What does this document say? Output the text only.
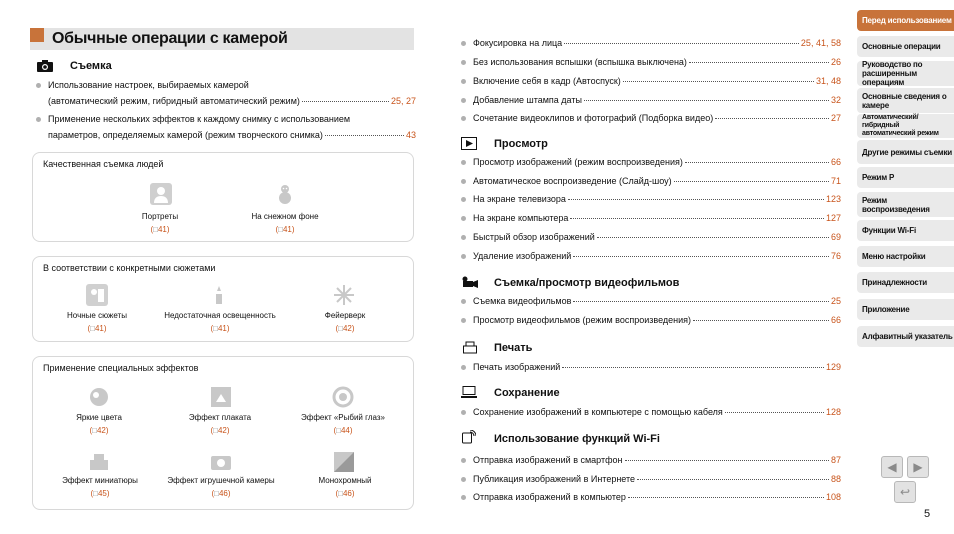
Обычные операции с камерой
Съемка
Использование настроек, выбираемых камерой
(автоматический режим, гибридный автоматический режим)	25, 27
Применение нескольких эффектов к каждому снимку с использованием
параметров, определяемых камерой (режим творческого снимка)	43
Качественная съемка людей
Портреты
(□41)
На снежном фоне
(□41)
В соответствии с конкретными сюжетами
Ночные сюжеты
(□41)
Недостаточная освещенность
(□41)
Фейерверк
(□42)
Применение специальных эффектов
Яркие цвета
(□42)
Эффект плаката
(□42)
Эффект «Рыбий глаз»
(□44)
Эффект миниатюры
(□45)
Эффект игрушечной камеры
(□46)
Монохромный
(□46)
Фокусировка на лица	25, 41, 58
Без использования вспышки (вспышка выключена)	26
Включение себя в кадр (Автоспуск)	31, 48
Добавление штампа даты	32
Сочетание видеоклипов и фотографий (Подборка видео)	27
Просмотр
Просмотр изображений (режим воспроизведения)	66
Автоматическое воспроизведение (Слайд-шоу)	71
На экране телевизора	123
На экране компьютера	127
Быстрый обзор изображений	69
Удаление изображений	76
Съемка/просмотр видеофильмов
Съемка видеофильмов	25
Просмотр видеофильмов (режим воспроизведения)	66
Печать
Печать изображений	129
Сохранение
Сохранение изображений в компьютере с помощью кабеля	128
Использование функций Wi-Fi
Отправка изображений в смартфон	87
Публикация изображений в Интернете	88
Отправка изображений в компьютер	108
Перед использованием
Основные операции
Руководство по расширенным операциям
Основные сведения о камере
Автоматический/гибридный автоматический режим
Другие режимы съемки
Режим P
Режим воспроизведения
Функции Wi-Fi
Меню настройки
Принадлежности
Приложение
Алфавитный указатель
◀ ▶
↩
5
